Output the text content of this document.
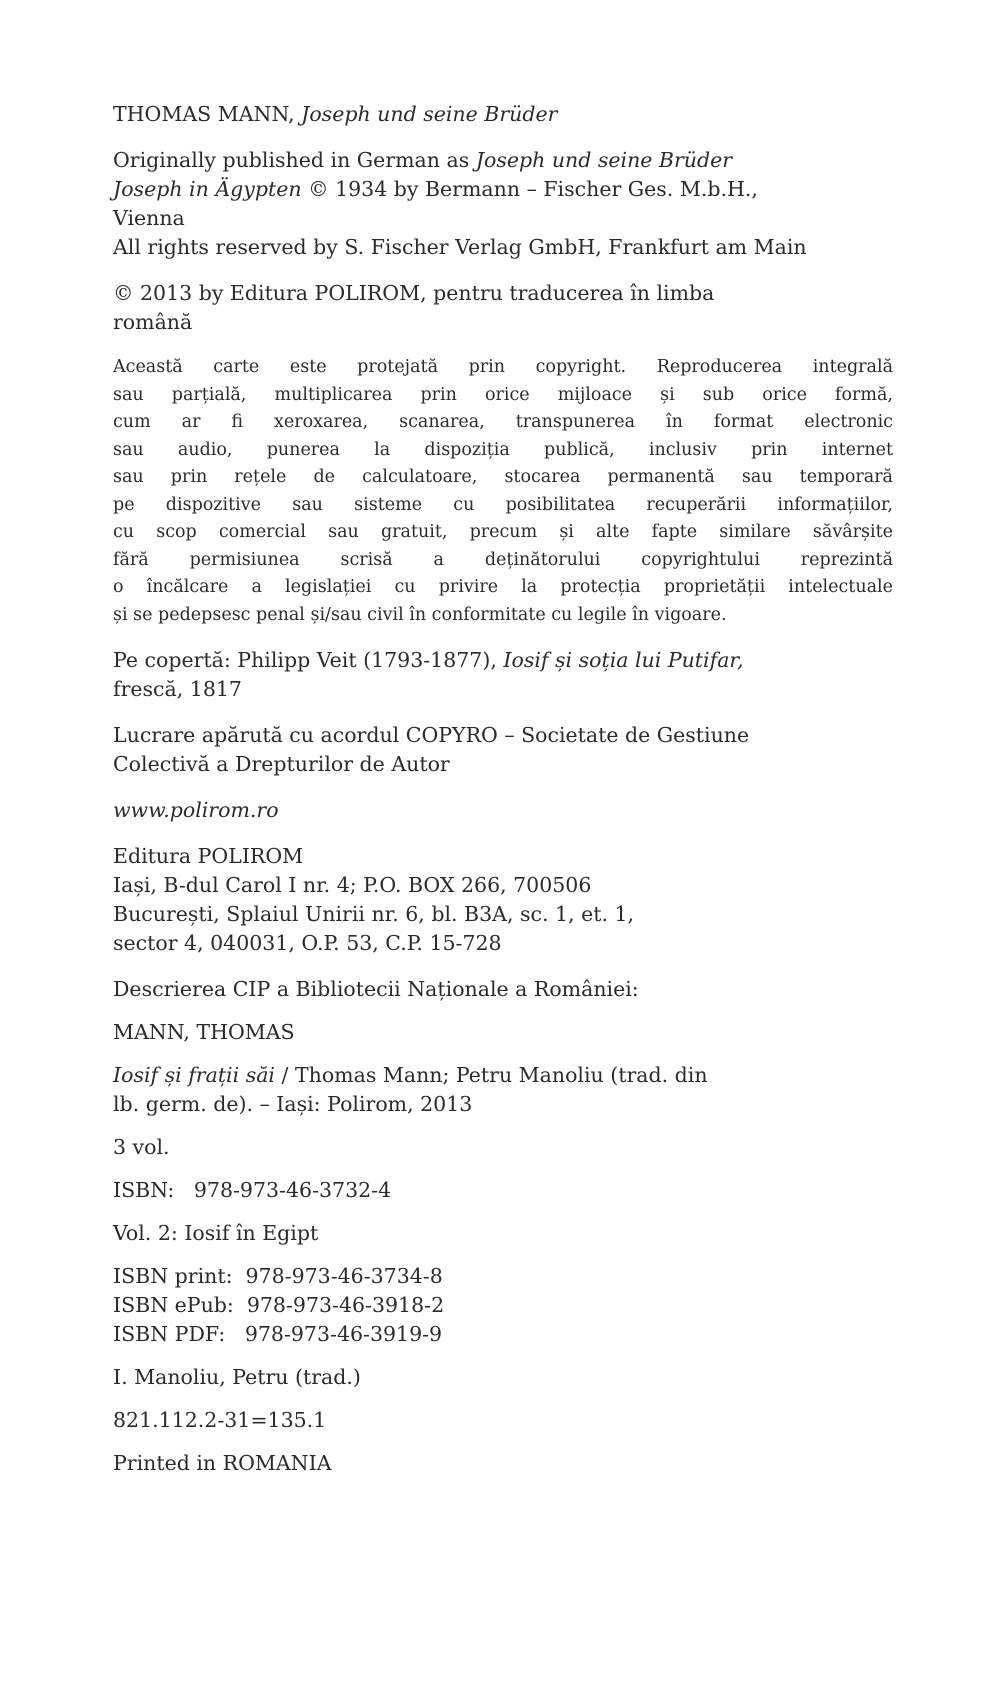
THOMAS MANN, Joseph und seine Brüder

Originally published in German as Joseph und seine Brüder
Joseph in Ägypten © 1934 by Bermann – Fischer Ges. M.b.H.,
Vienna
All rights reserved by S. Fischer Verlag GmbH, Frankfurt am Main

© 2013 by Editura POLIROM, pentru traducerea în limba
română

Această carte este protejată prin copyright. Reproducerea integrală
sau parțială, multiplicarea prin orice mijloace și sub orice formă,
cum ar fi xeroxarea, scanarea, transpunerea în format electronic
sau audio, punerea la dispoziția publică, inclusiv prin internet
sau prin rețele de calculatoare, stocarea permanentă sau temporară
pe dispozitive sau sisteme cu posibilitatea recuperării informațiilor,
cu scop comercial sau gratuit, precum și alte fapte similare săvârșite
fără permisiunea scrisă a deținătorului copyrightului reprezintă
o încălcare a legislației cu privire la protecția proprietății intelectuale
și se pedepsesc penal și/sau civil în conformitate cu legile în vigoare.

Pe copertă: Philipp Veit (1793-1877), Iosif și soția lui Putifar,
frescă, 1817

Lucrare apărută cu acordul COPYRO – Societate de Gestiune
Colectivă a Drepturilor de Autor

www.polirom.ro

Editura POLIROM
Iași, B-dul Carol I nr. 4; P.O. BOX 266, 700506
București, Splaiul Unirii nr. 6, bl. B3A, sc. 1, et. 1,
sector 4, 040031, O.P. 53, C.P. 15-728

Descrierea CIP a Bibliotecii Naționale a României:

MANN, THOMAS

Iosif și frații săi / Thomas Mann; Petru Manoliu (trad. din
lb. germ. de). – Iași: Polirom, 2013

3 vol.

ISBN:   978-973-46-3732-4

Vol. 2: Iosif în Egipt

ISBN print:  978-973-46-3734-8
ISBN ePub:  978-973-46-3918-2
ISBN PDF:   978-973-46-3919-9

I. Manoliu, Petru (trad.)

821.112.2-31=135.1

Printed in ROMANIA
